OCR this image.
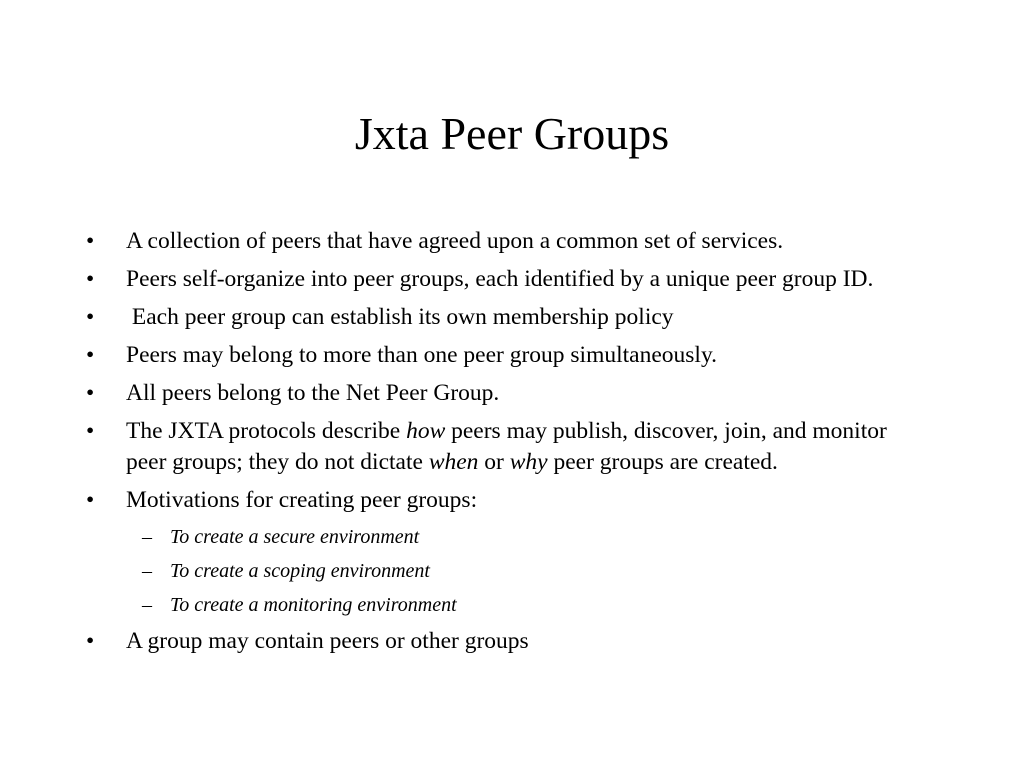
Jxta Peer Groups
• A collection of peers that have agreed upon a common set of services.
• Peers self-organize into peer groups, each identified by a unique peer group ID.
• Each peer group can establish its own membership policy
• Peers may belong to more than one peer group simultaneously.
• All peers belong to the Net Peer Group.
• The JXTA protocols describe how peers may publish, discover, join, and monitor peer groups; they do not dictate when or why peer groups are created.
• Motivations for creating peer groups:
– To create a secure environment
– To create a scoping environment
– To create a monitoring environment
• A group may contain peers or other groups
